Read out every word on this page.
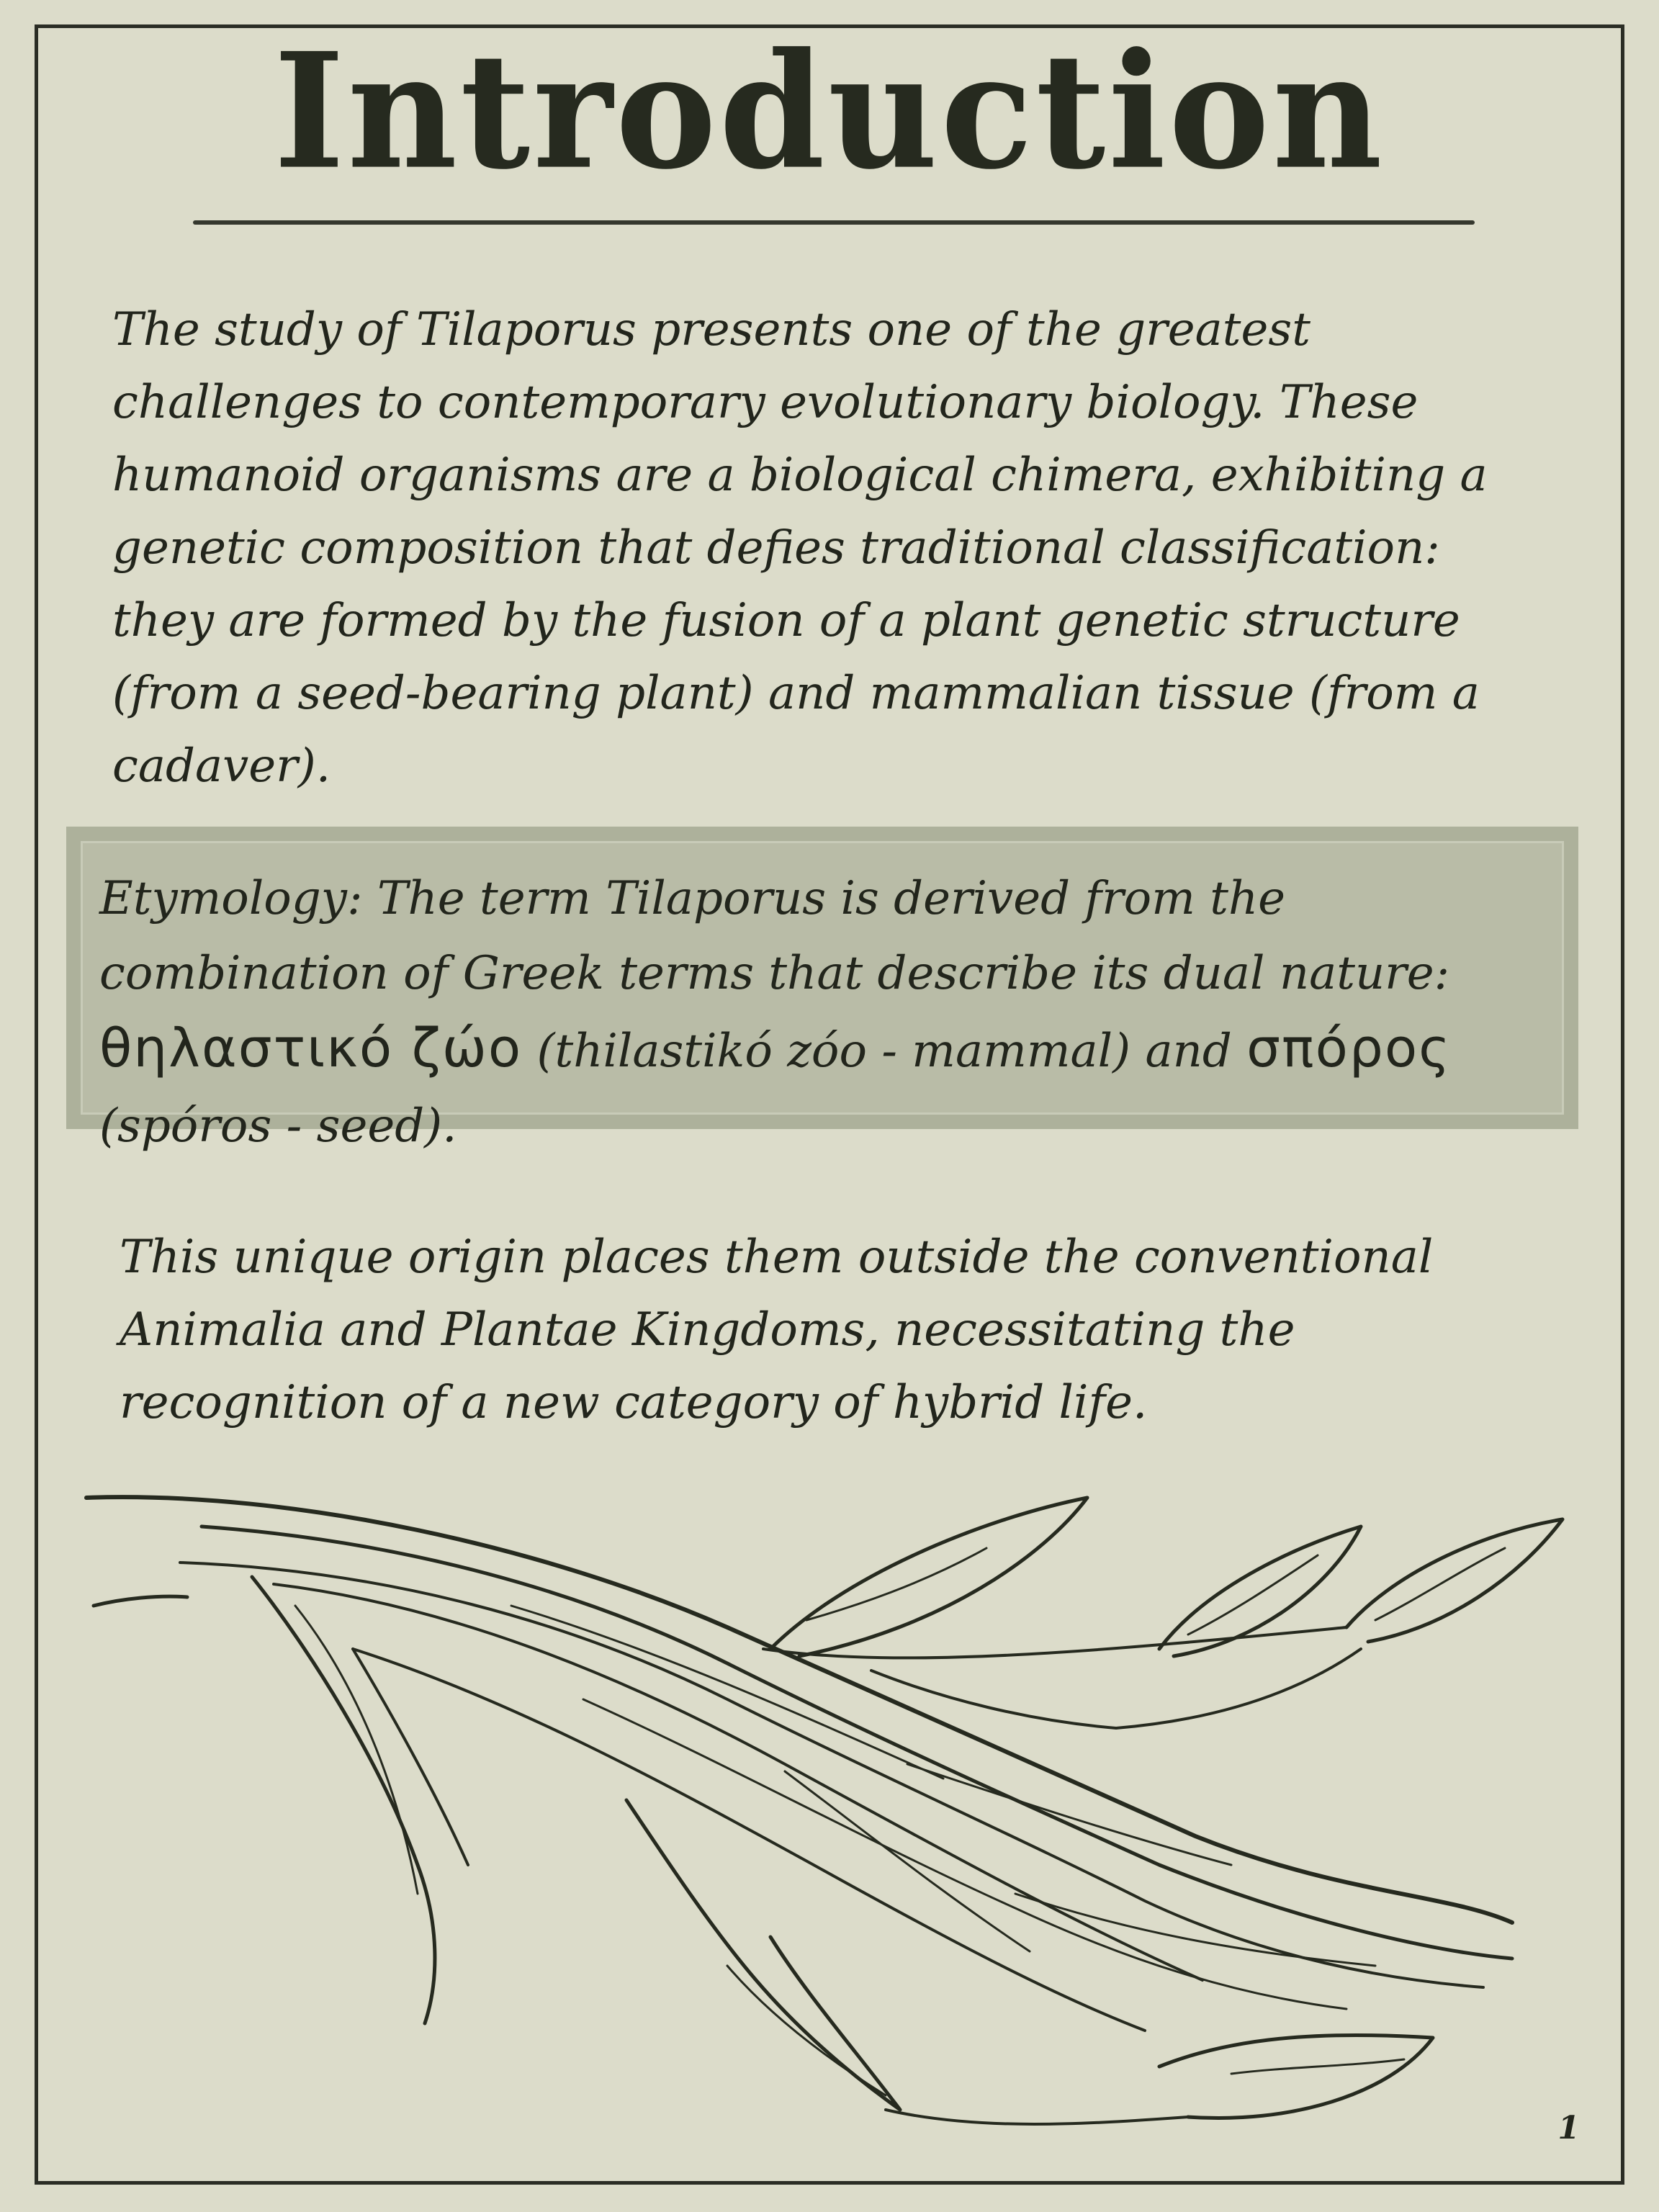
Introduction

The study of Tilaporus presents one of the greatest challenges to contemporary evolutionary biology. These humanoid organisms are a biological chimera, exhibiting a genetic composition that defies traditional classification: they are formed by the fusion of a plant genetic structure (from a seed-bearing plant) and mammalian tissue (from a cadaver).

Etymology: The term Tilaporus is derived from the combination of Greek terms that describe its dual nature: θηλαστικό ζώο (thilastikó zóo - mammal) and σπόρος (spóros - seed).

This unique origin places them outside the conventional Animalia and Plantae Kingdoms, necessitating the recognition of a new category of hybrid life.

1
